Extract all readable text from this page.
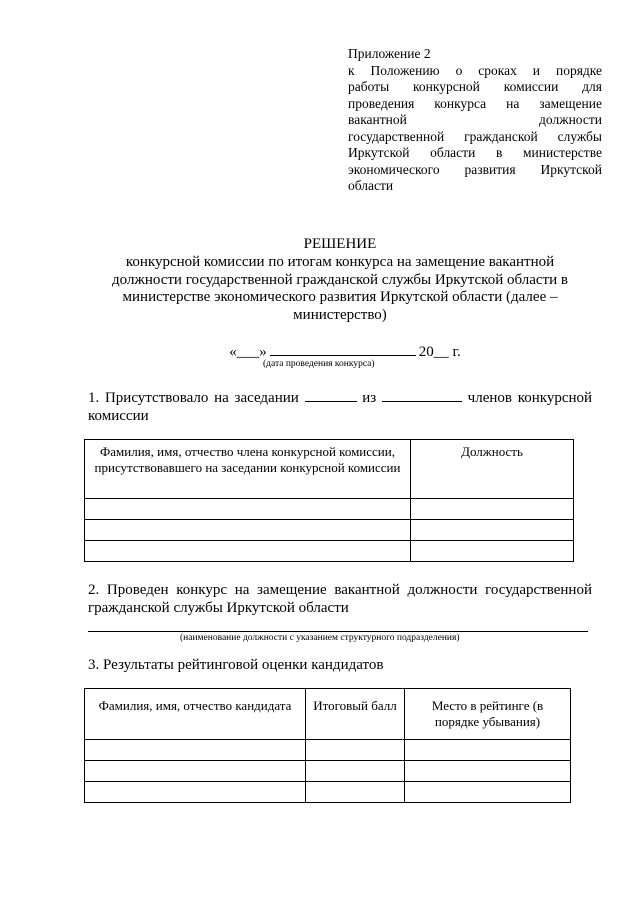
Приложение 2
к Положению о сроках и порядке
работы конкурсной комиссии для
проведения конкурса на замещение
вакантной должности
государственной гражданской службы
Иркутской области в министерстве
экономического развития Иркутской
области
РЕШЕНИЕ
конкурсной комиссии по итогам конкурса на замещение вакантной
должности государственной гражданской службы Иркутской области в
министерстве экономического развития Иркутской области (далее –
министерство)
«___»	20__ г.
(дата проведения конкурса)
1. Присутствовало на заседании	из	членов конкурсной
комиссии
Фамилия, имя, отчество члена конкурсной комиссии, присутствовавшего на заседании конкурсной комиссии	Должность

2. Проведен конкурс на замещение вакантной должности государственной
гражданской службы Иркутской области
(наименование должности с указанием структурного подразделения)
3. Результаты рейтинговой оценки кандидатов
Фамилия, имя, отчество кандидата	Итоговый балл	Место в рейтинге (в порядке убывания)
